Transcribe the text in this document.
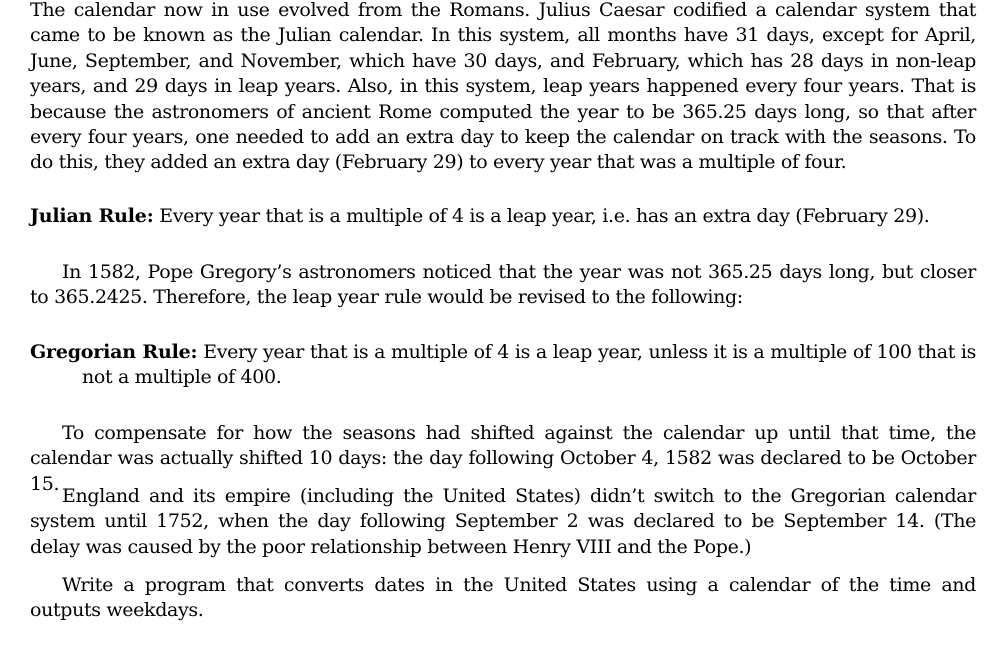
The calendar now in use evolved from the Romans. Julius Caesar codified a calendar system that came to be known as the Julian calendar. In this system, all months have 31 days, except for April, June, September, and November, which have 30 days, and February, which has 28 days in non-leap years, and 29 days in leap years. Also, in this system, leap years happened every four years. That is because the astronomers of ancient Rome computed the year to be 365.25 days long, so that after every four years, one needed to add an extra day to keep the calendar on track with the seasons. To do this, they added an extra day (February 29) to every year that was a multiple of four.

Julian Rule: Every year that is a multiple of 4 is a leap year, i.e. has an extra day (February 29).

In 1582, Pope Gregory’s astronomers noticed that the year was not 365.25 days long, but closer to 365.2425. Therefore, the leap year rule would be revised to the following:

Gregorian Rule: Every year that is a multiple of 4 is a leap year, unless it is a multiple of 100 that is not a multiple of 400.

To compensate for how the seasons had shifted against the calendar up until that time, the calendar was actually shifted 10 days: the day following October 4, 1582 was declared to be October 15.

England and its empire (including the United States) didn’t switch to the Gregorian calendar system until 1752, when the day following September 2 was declared to be September 14. (The delay was caused by the poor relationship between Henry VIII and the Pope.)

Write a program that converts dates in the United States using a calendar of the time and outputs weekdays.
